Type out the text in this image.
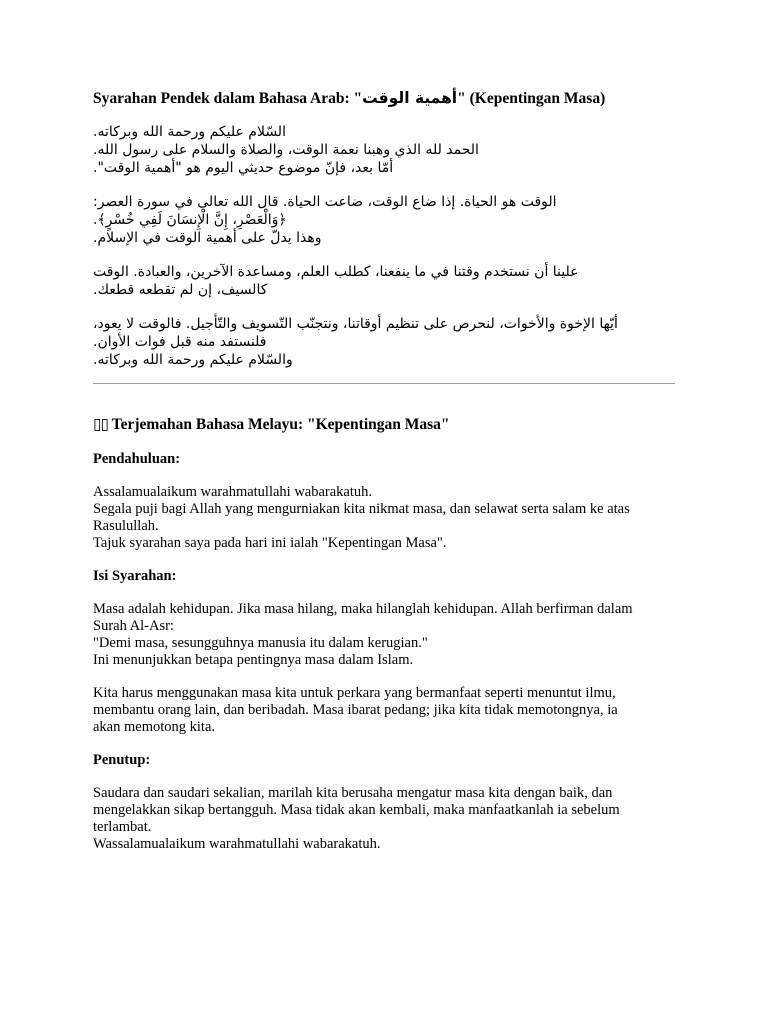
Syarahan Pendek dalam Bahasa Arab: "أهمية الوقت" (Kepentingan Masa)
السّلام عليكم ورحمة الله وبركاته.
الحمد لله الذي وهبنا نعمة الوقت، والصلاة والسلام على رسول الله.
أمّا بعد، فإنّ موضوع حديثي اليوم هو "أهمية الوقت".
الوقت هو الحياة. إذا ضاع الوقت، ضاعت الحياة. قال الله تعالى في سورة العصر:
﴿وَالْعَصْرِ، إِنَّ الْإِنسَانَ لَفِي خُسْرٍ﴾.
وهذا يدلّ على أهمية الوقت في الإسلام.
علينا أن نستخدم وقتنا في ما ينفعنا، كطلب العلم، ومساعدة الآخرين، والعبادة. الوقت
كالسيف، إن لم تقطعه قطعك.
أيّها الإخوة والأخوات، لنحرص على تنظيم أوقاتنا، ونتجنّب التّسويف والتّأجيل. فالوقت لا يعود،
فلنستفد منه قبل فوات الأوان.
والسّلام عليكم ورحمة الله وبركاته.
▯▯ Terjemahan Bahasa Melayu: "Kepentingan Masa"
Pendahuluan:
Assalamualaikum warahmatullahi wabarakatuh.
Segala puji bagi Allah yang mengurniakan kita nikmat masa, dan selawat serta salam ke atas
Rasulullah.
Tajuk syarahan saya pada hari ini ialah "Kepentingan Masa".
Isi Syarahan:
Masa adalah kehidupan. Jika masa hilang, maka hilanglah kehidupan. Allah berfirman dalam
Surah Al-Asr:
"Demi masa, sesungguhnya manusia itu dalam kerugian."
Ini menunjukkan betapa pentingnya masa dalam Islam.
Kita harus menggunakan masa kita untuk perkara yang bermanfaat seperti menuntut ilmu,
membantu orang lain, dan beribadah. Masa ibarat pedang; jika kita tidak memotongnya, ia
akan memotong kita.
Penutup:
Saudara dan saudari sekalian, marilah kita berusaha mengatur masa kita dengan baik, dan
mengelakkan sikap bertangguh. Masa tidak akan kembali, maka manfaatkanlah ia sebelum
terlambat.
Wassalamualaikum warahmatullahi wabarakatuh.
